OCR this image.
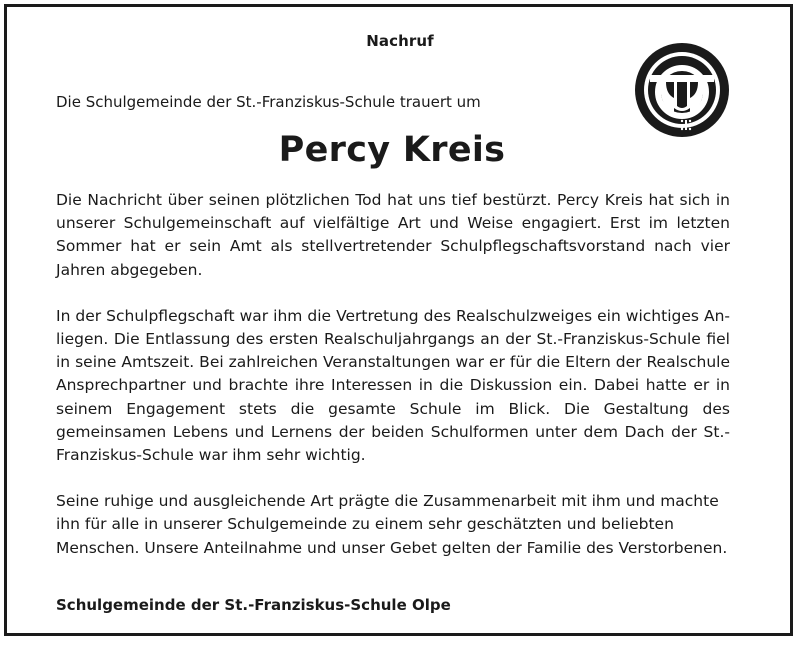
Nachruf
Die Schulgemeinde der St.-Franziskus-Schule trauert um
Percy Kreis

Die Nachricht über seinen plötzlichen Tod hat uns tief bestürzt. Percy Kreis hat sich in unserer Schulgemeinschaft auf vielfältige Art und Weise engagiert. Erst im letzten Sommer hat er sein Amt als stellvertretender Schulpflegschaftsvorstand nach vier Jahren abgegeben.

In der Schulpflegschaft war ihm die Vertretung des Realschulzweiges ein wichtiges Anliegen. Die Entlassung des ersten Realschuljahrgangs an der St.-Franziskus-Schule fiel in seine Amtszeit. Bei zahlreichen Veranstaltungen war er für die Eltern der Realschule Ansprechpartner und brachte ihre Interessen in die Diskussion ein. Dabei hatte er in seinem Engagement stets die gesamte Schule im Blick. Die Gestaltung des gemeinsamen Lebens und Lernens der beiden Schulformen unter dem Dach der St.-Franziskus-Schule war ihm sehr wichtig.

Seine ruhige und ausgleichende Art prägte die Zusammenarbeit mit ihm und machte ihn für alle in unserer Schulgemeinde zu einem sehr geschätzten und beliebten Menschen. Unsere Anteilnahme und unser Gebet gelten der Familie des Verstorbenen.

Schulgemeinde der St.-Franziskus-Schule Olpe
